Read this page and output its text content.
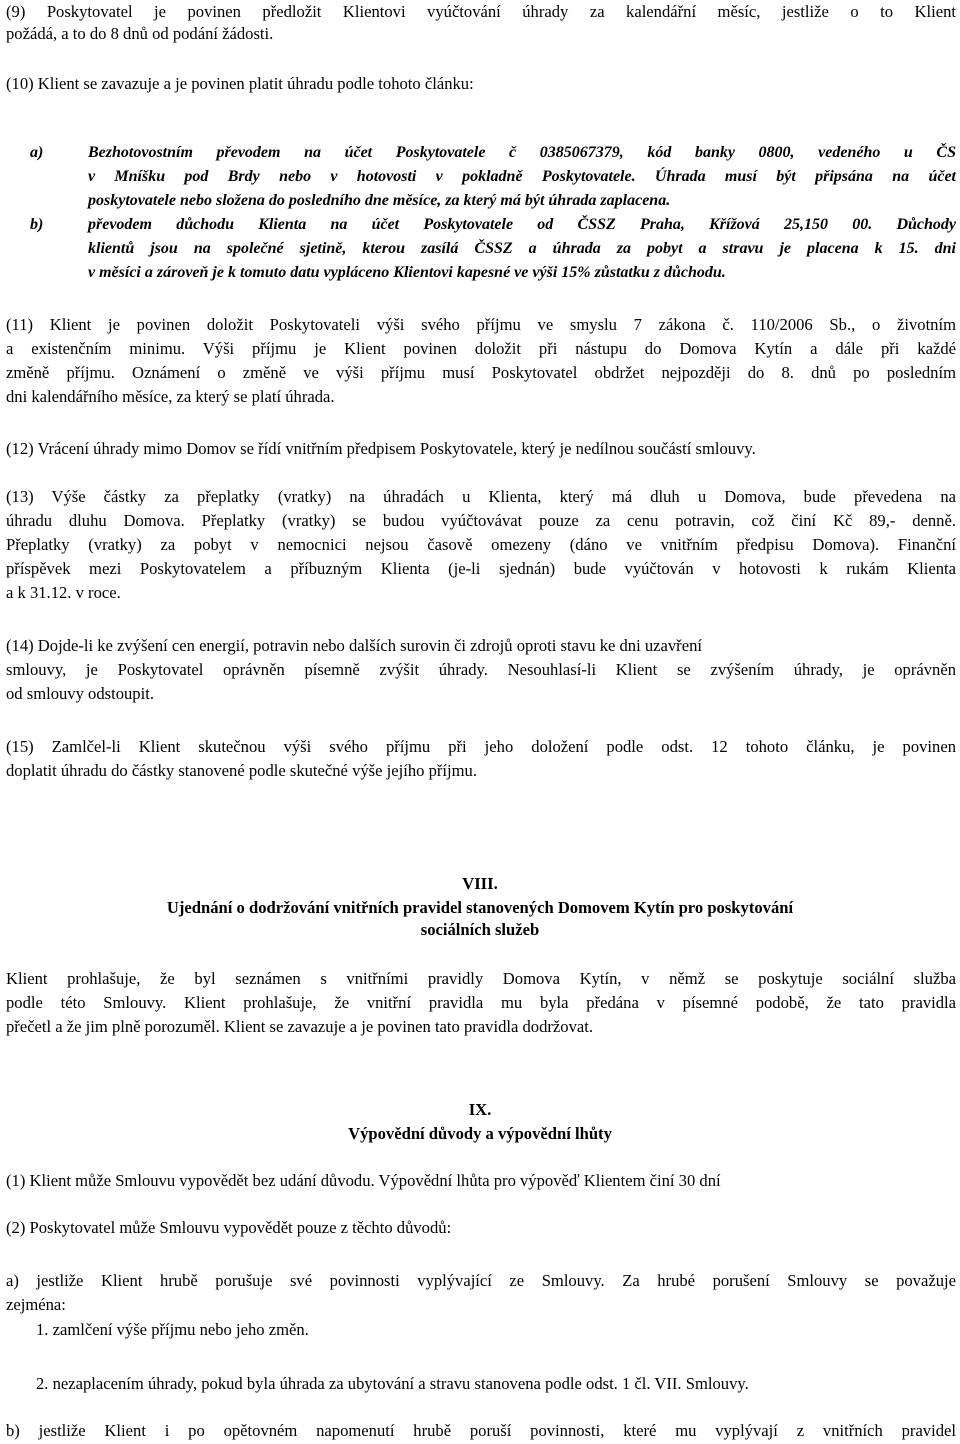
(9) Poskytovatel je povinen předložit Klientovi vyúčtování úhrady za kalendářní měsíc, jestliže o to Klient
požádá, a to do 8 dnů od podání žádosti.
(10) Klient se zavazuje a je povinen platit úhradu podle tohoto článku:
a)	Bezhotovostním převodem na účet Poskytovatele č 0385067379, kód banky 0800, vedeného u ČS
v Mníšku pod Brdy nebo v hotovosti v pokladně Poskytovatele. Úhrada musí být připsána na účet
poskytovatele nebo složena do posledního dne měsíce, za který má být úhrada zaplacena.
b)	převodem důchodu Klienta na účet Poskytovatele od ČSSZ Praha, Křížová 25,150 00. Důchody
klientů jsou na společné sjetině, kterou zasílá ČSSZ a úhrada za pobyt a stravu je placena k 15. dni
v měsíci a zároveň je k tomuto datu vypláceno Klientovi kapesné ve výši 15% zůstatku z důchodu.
(11) Klient je povinen doložit Poskytovateli výši svého příjmu ve smyslu 7 zákona č. 110/2006 Sb., o životním
a existenčním minimu. Výši příjmu je Klient povinen doložit při nástupu do Domova Kytín a dále při každé
změně příjmu. Oznámení o změně ve výši příjmu musí Poskytovatel obdržet nejpozději do 8. dnů po posledním
dni kalendářního měsíce, za který se platí úhrada.
(12) Vrácení úhrady mimo Domov se řídí vnitřním předpisem Poskytovatele, který je nedílnou součástí smlouvy.
(13) Výše částky za přeplatky (vratky) na úhradách u Klienta, který má dluh u Domova, bude převedena na
úhradu dluhu Domova. Přeplatky (vratky) se budou vyúčtovávat pouze za cenu potravin, což činí Kč 89,- denně.
Přeplatky (vratky) za pobyt v nemocnici nejsou časově omezeny (dáno ve vnitřním předpisu Domova). Finanční
příspěvek mezi Poskytovatelem a příbuzným Klienta (je-li sjednán) bude vyúčtován v hotovosti k rukám Klienta
a k 31.12. v roce.
(14) Dojde-li ke zvýšení cen energií, potravin nebo dalších surovin či zdrojů oproti stavu ke dni uzavření
smlouvy, je Poskytovatel oprávněn písemně zvýšit úhrady. Nesouhlasí-li Klient se zvýšením úhrady, je oprávněn
od smlouvy odstoupit.
(15) Zamlčel-li Klient skutečnou výši svého příjmu při jeho doložení podle odst. 12 tohoto článku, je povinen
doplatit úhradu do částky stanovené podle skutečné výše jejího příjmu.
VIII.
Ujednání o dodržování vnitřních pravidel stanovených Domovem Kytín pro poskytování
sociálních služeb
Klient prohlašuje, že byl seznámen s vnitřními pravidly Domova Kytín, v němž se poskytuje sociální služba
podle této Smlouvy. Klient prohlašuje, že vnitřní pravidla mu byla předána v písemné podobě, že tato pravidla
přečetl a že jim plně porozuměl. Klient se zavazuje a je povinen tato pravidla dodržovat.
IX.
Výpovědní důvody a výpovědní lhůty
(1) Klient může Smlouvu vypovědět bez udání důvodu. Výpovědní lhůta pro výpověď Klientem činí 30 dní
(2) Poskytovatel může Smlouvu vypovědět pouze z těchto důvodů:
a) jestliže Klient hrubě porušuje své povinnosti vyplývající ze Smlouvy. Za hrubé porušení Smlouvy se považuje
zejména:
1. zamlčení výše příjmu nebo jeho změn.
2. nezaplacením úhrady, pokud byla úhrada za ubytování a stravu stanovena podle odst. 1 čl. VII. Smlouvy.
b) jestliže Klient i po opětovném napomenutí hrubě poruší povinnosti, které mu vyplývají z vnitřních pravidel
